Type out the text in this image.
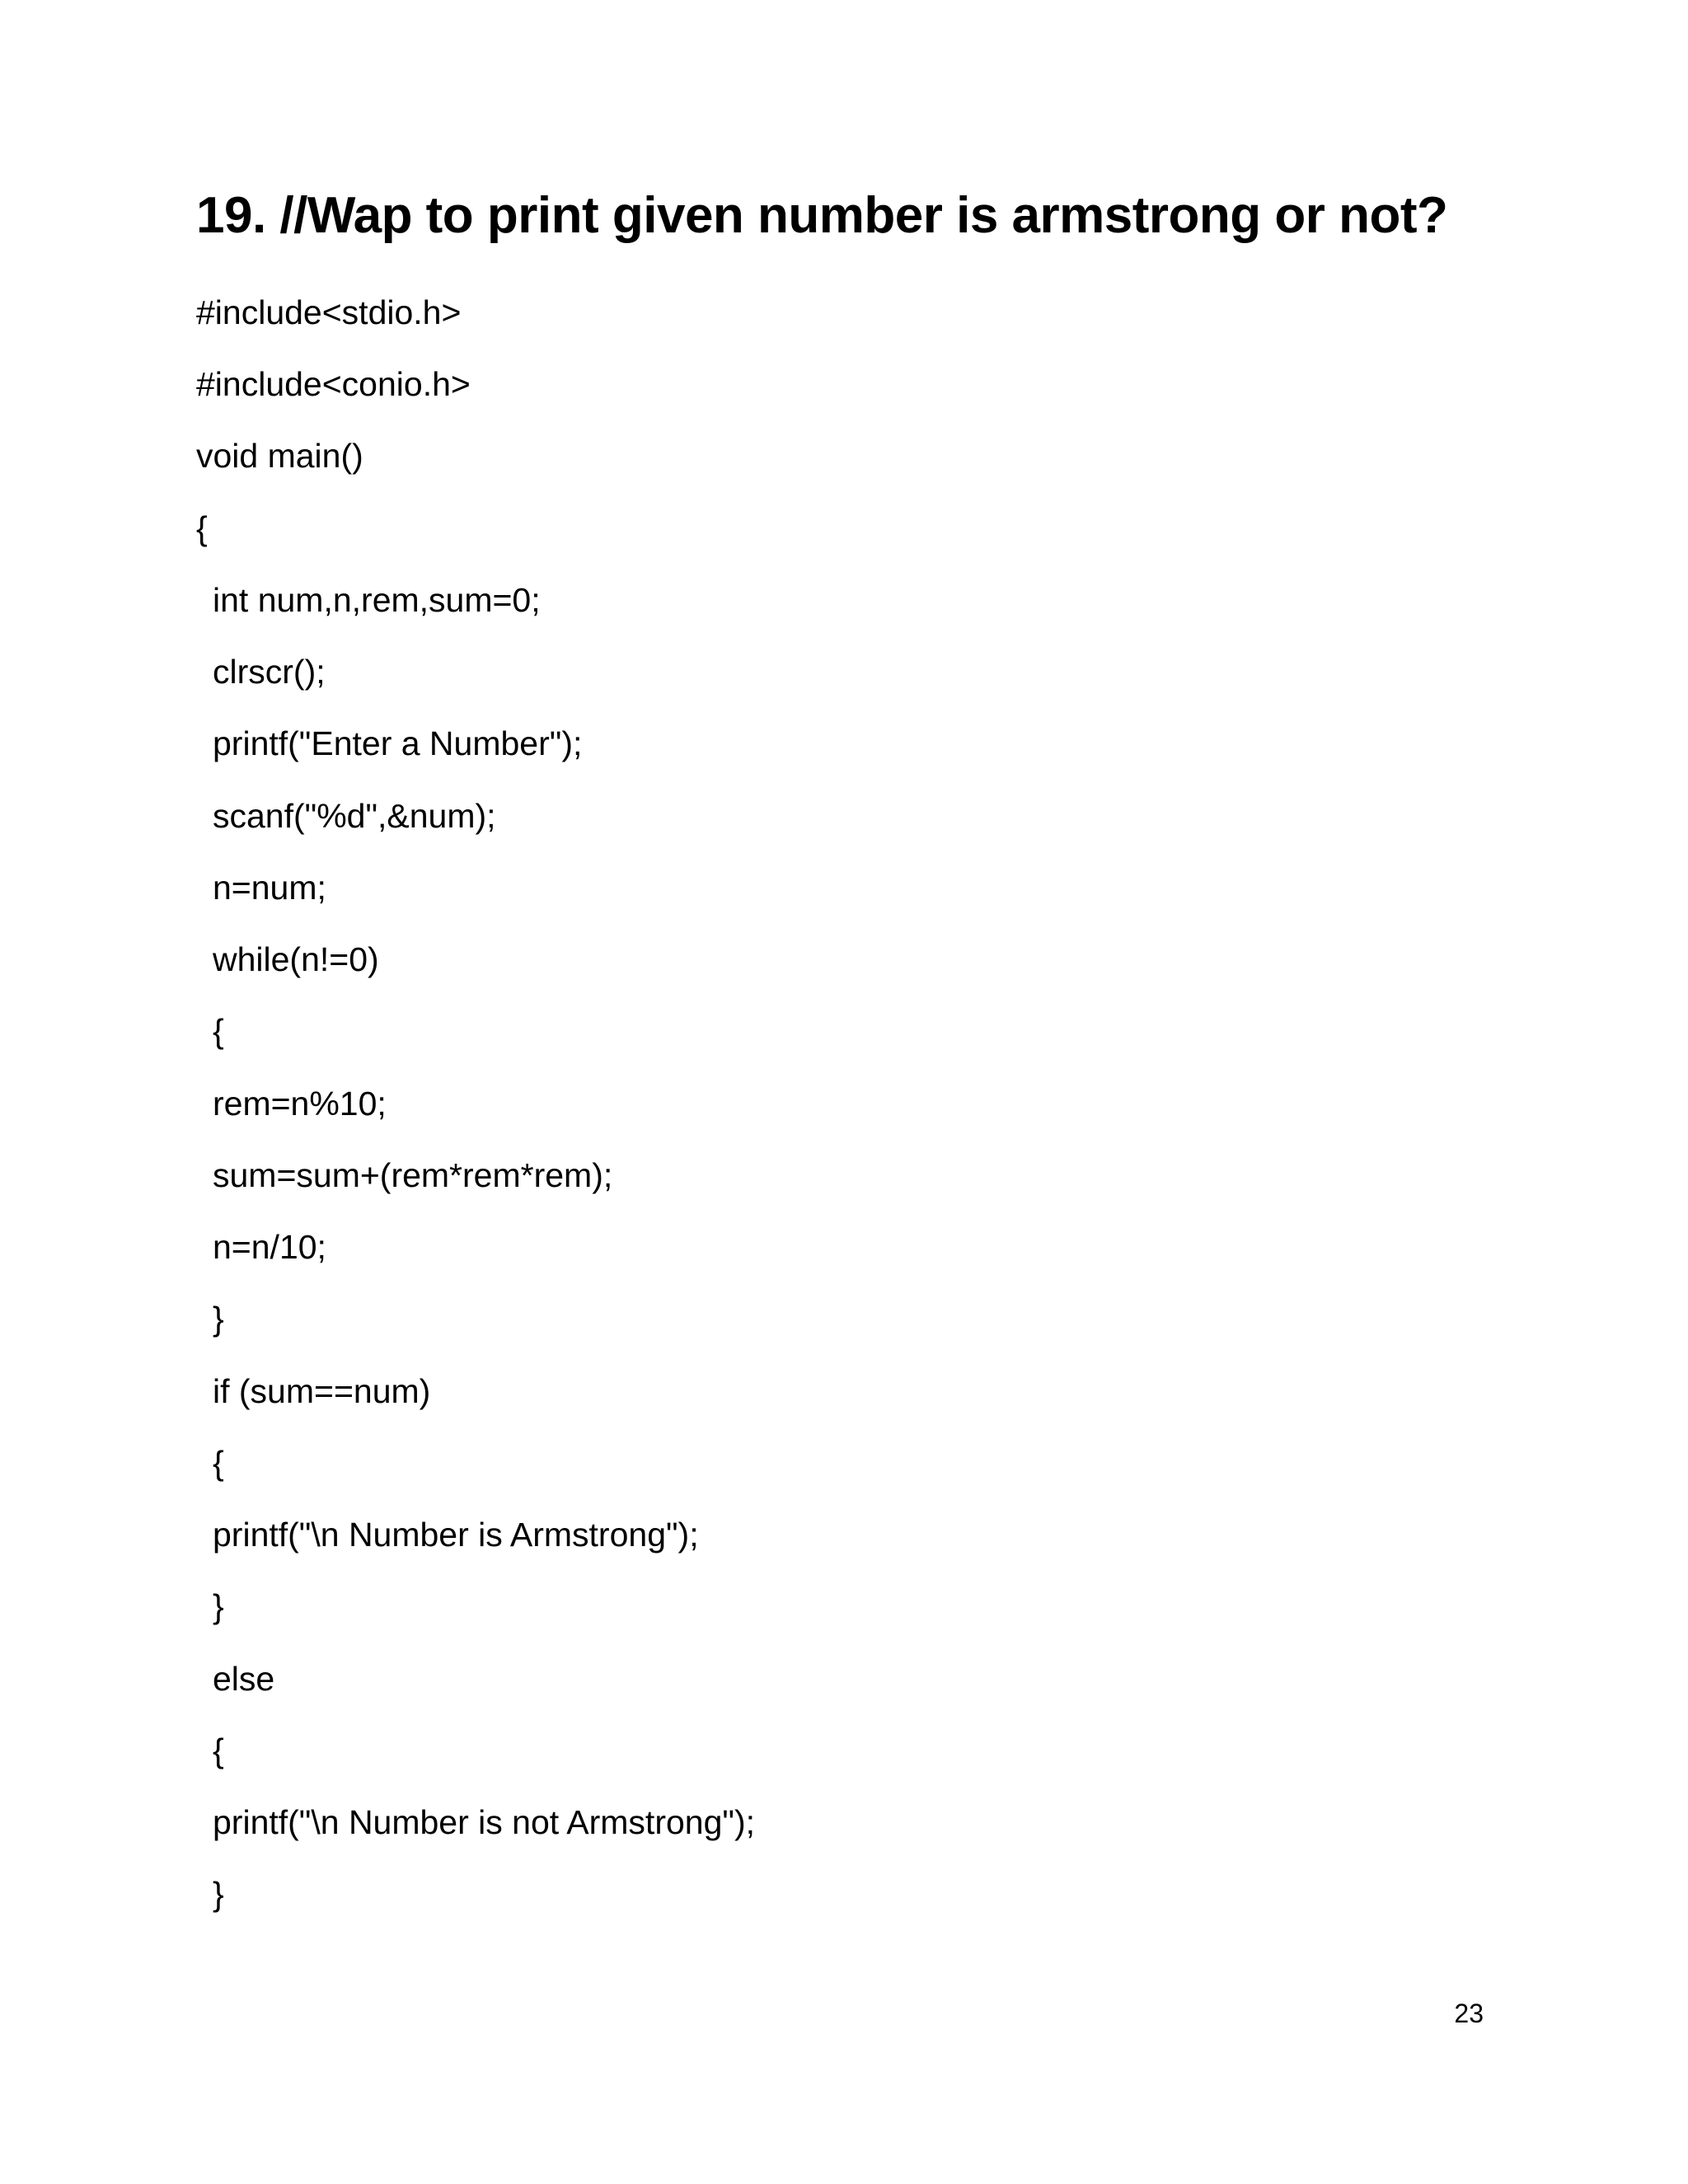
19. //Wap to print given number is armstrong or not?
#include<stdio.h>
#include<conio.h>
void main()
{
int num,n,rem,sum=0;
clrscr();
printf("Enter a Number");
scanf("%d",&num);
n=num;
while(n!=0)
{
rem=n%10;
sum=sum+(rem*rem*rem);
n=n/10;
}
if (sum==num)
{
printf("\n Number is Armstrong");
}
else
{
printf("\n Number is not Armstrong");
}
23
